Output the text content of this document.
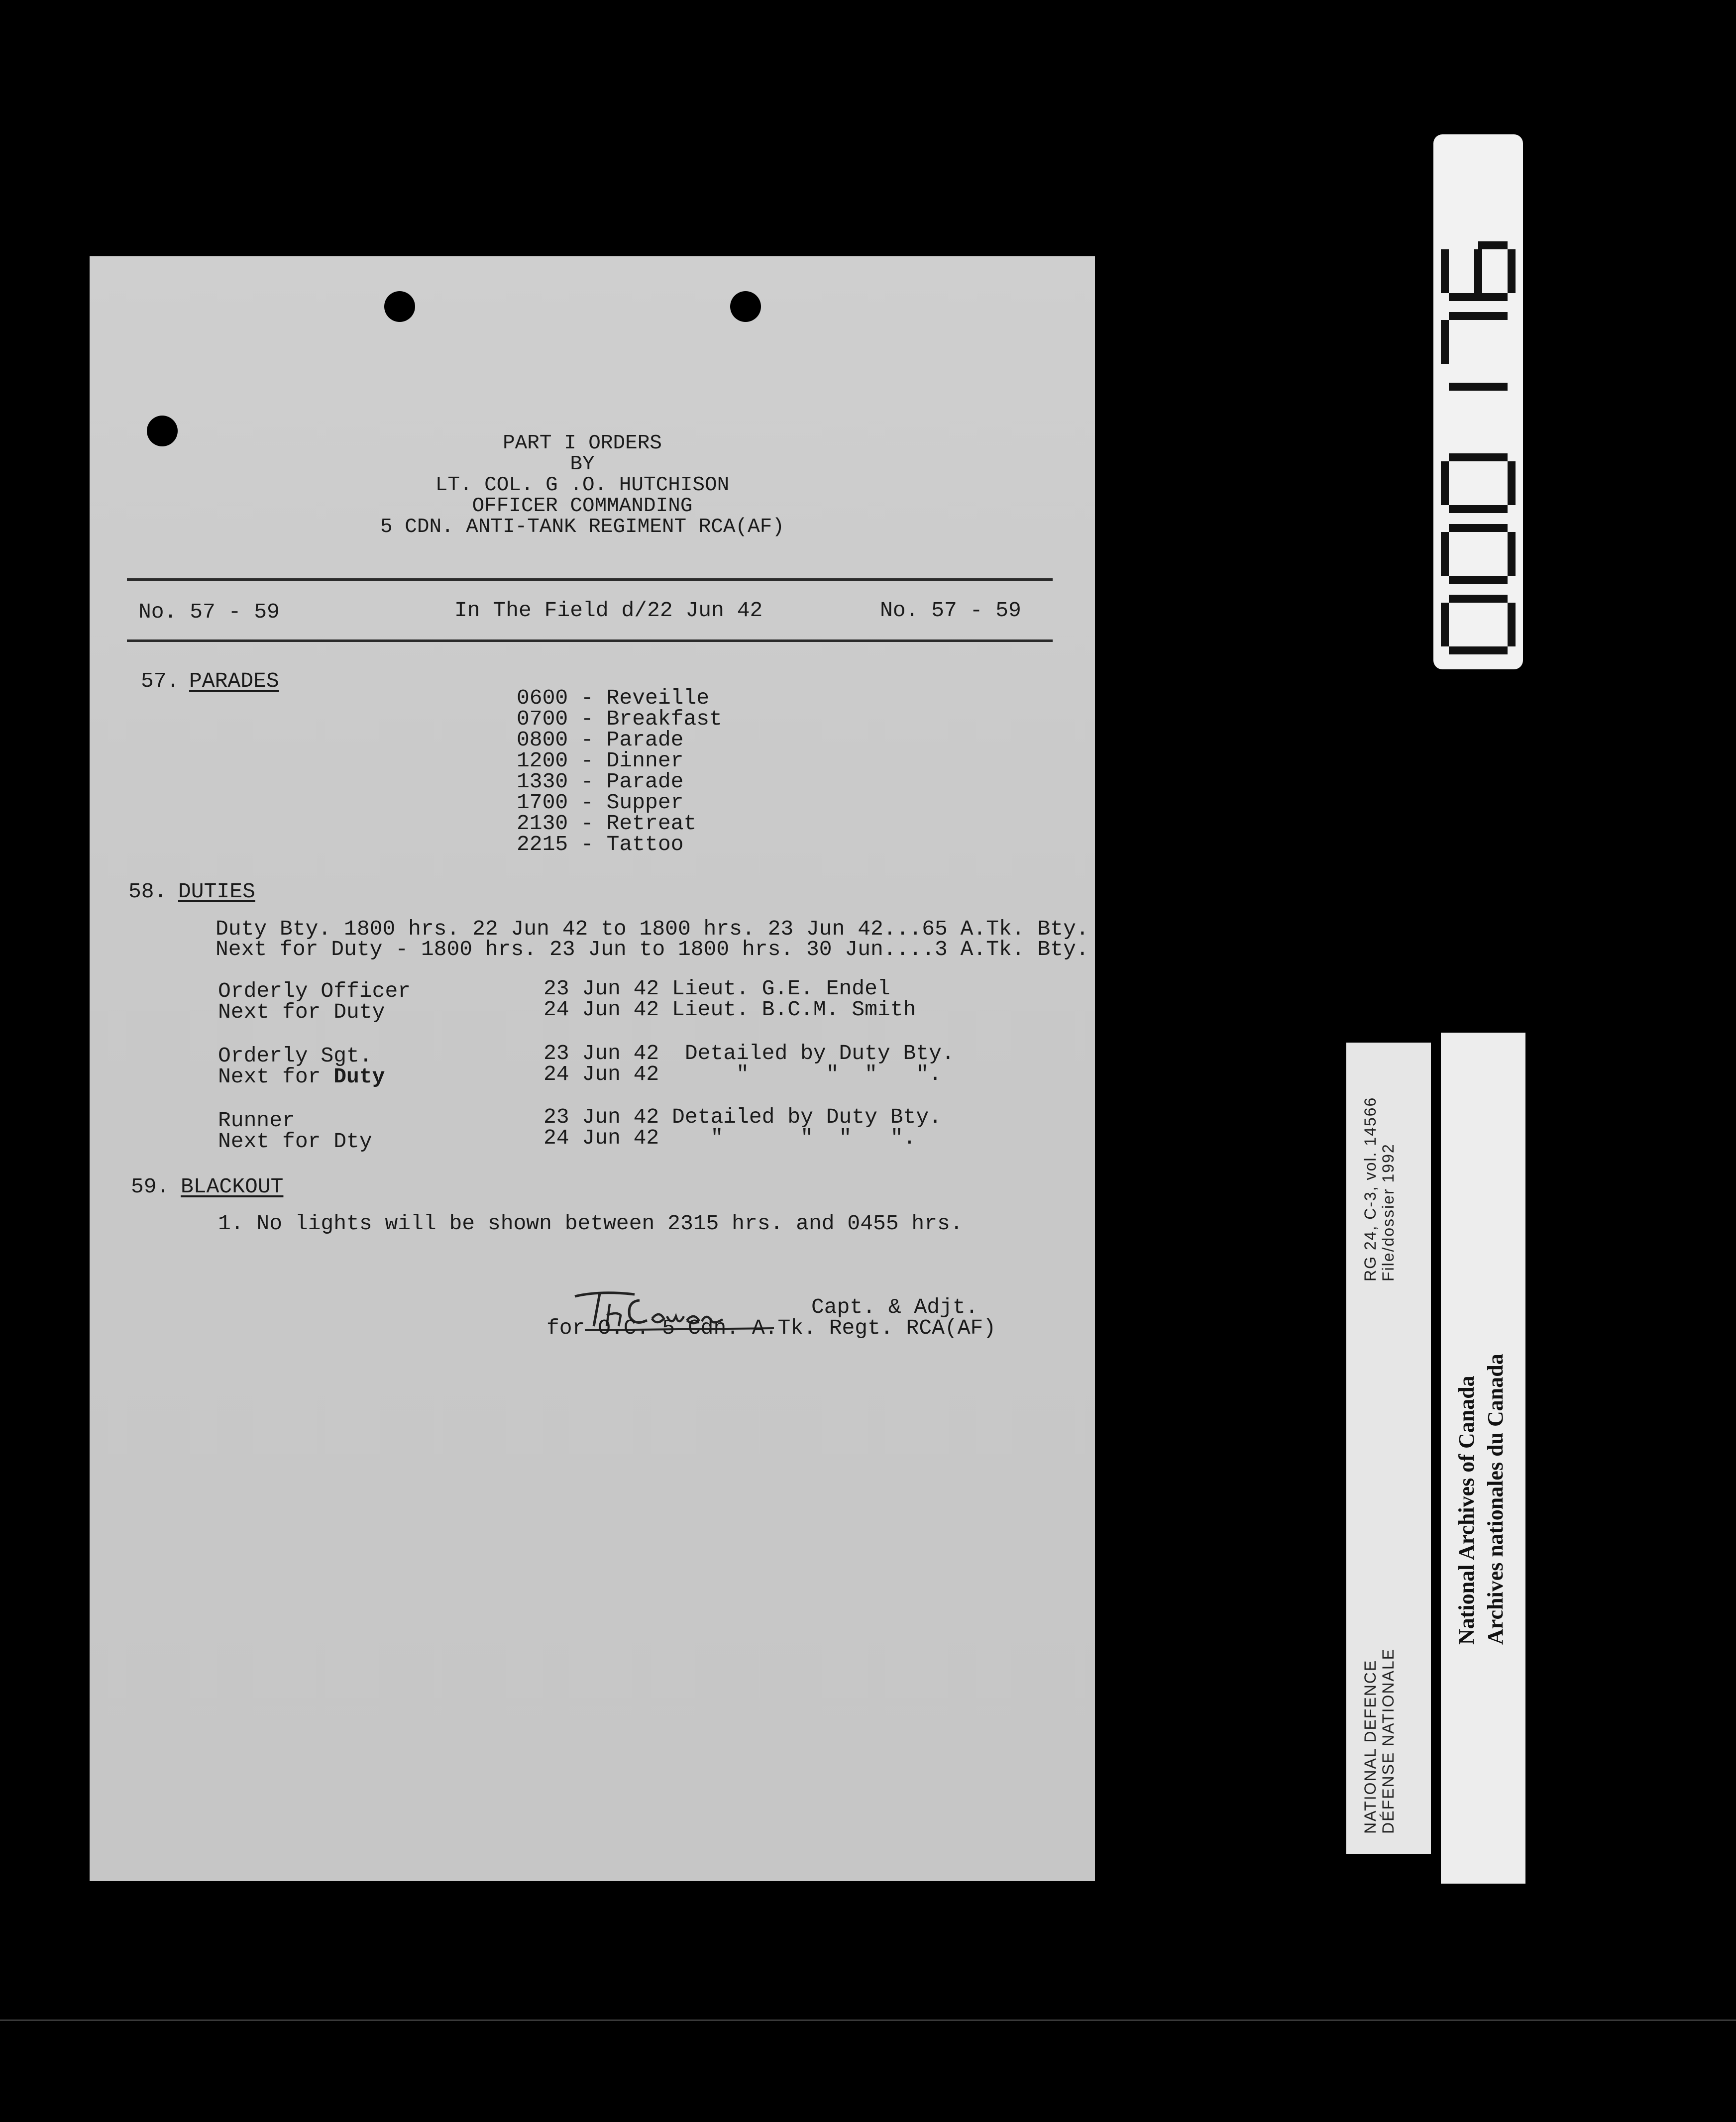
PART I ORDERS
BY
LT. COL. G .O. HUTCHISON
OFFICER COMMANDING
5 CDN. ANTI-TANK REGIMENT RCA(AF)
No. 57 - 59	In The Field d/22 Jun 42	No. 57 - 59
57. PARADES
0600 - Reveille
0700 - Breakfast
0800 - Parade
1200 - Dinner
1330 - Parade
1700 - Supper
2130 - Retreat
2215 - Tattoo
58. DUTIES
Duty Bty. 1800 hrs. 22 Jun 42 to 1800 hrs. 23 Jun 42...65 A.Tk. Bty.
Next for Duty - 1800 hrs. 23 Jun to 1800 hrs. 30 Jun....3 A.Tk. Bty.
Orderly Officer
Next for Duty
23 Jun 42 Lieut. G.E. Endel
24 Jun 42 Lieut. B.C.M. Smith
Orderly Sgt.
Next for Duty
23 Jun 42  Detailed by Duty Bty.
24 Jun 42      "      "  "   ".
Runner
Next for Dty
23 Jun 42 Detailed by Duty Bty.
24 Jun 42    "      "  "   ".
59. BLACKOUT
1. No lights will be shown between 2315 hrs. and 0455 hrs.
Capt. & Adjt.
for O.C. 5 Cdn. A.Tk. Regt. RCA(AF)
NATIONAL DEFENCE DÉFENSE NATIONALE
RG 24, C-3, vol. 14566 File/dossier 1992
National Archives of Canada Archives nationales du Canada
